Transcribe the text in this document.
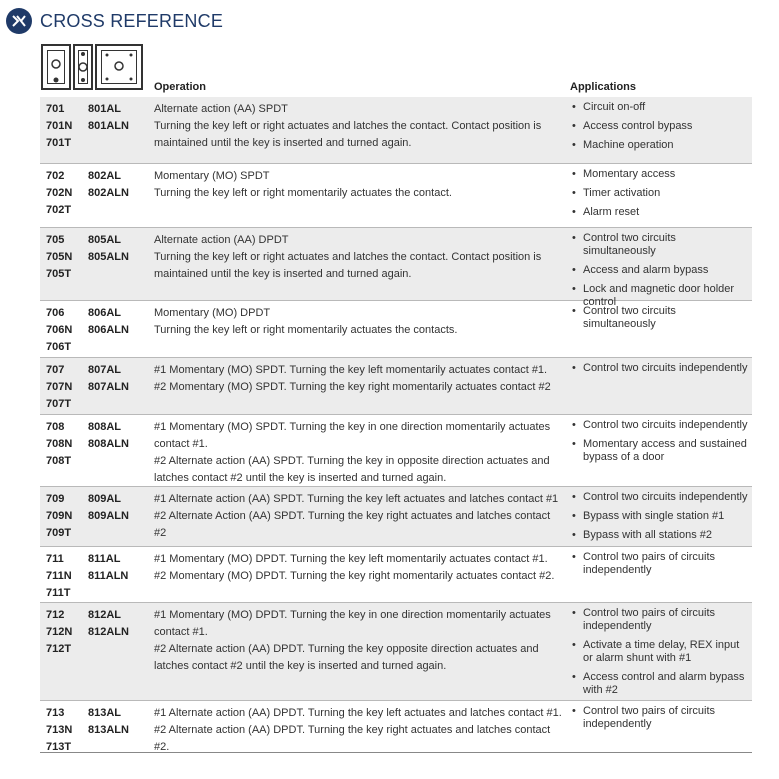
CROSS REFERENCE
Operation	Applications
701
701N
701T
801AL
801ALN
Alternate action (AA) SPDT
Turning the key left or right actuates and latches the contact. Contact position is maintained until the key is inserted and turned again.
• Circuit on-off
• Access control bypass
• Machine operation
702
702N
702T
802AL
802ALN
Momentary (MO) SPDT
Turning the key left or right momentarily actuates the contact.
• Momentary access
• Timer activation
• Alarm reset
705
705N
705T
805AL
805ALN
Alternate action (AA) DPDT
Turning the key left or right actuates and latches the contact. Contact position is maintained until the key is inserted and turned again.
• Control two circuits simultaneously
• Access and alarm bypass
• Lock and magnetic door holder control
706
706N
706T
806AL
806ALN
Momentary (MO) DPDT
Turning the key left or right momentarily actuates the contacts.
• Control two circuits simultaneously
707
707N
707T
807AL
807ALN
#1 Momentary (MO) SPDT. Turning the key left momentarily actuates contact #1.
#2 Momentary (MO) SPDT. Turning the key right momentarily actuates contact #2
• Control two circuits independently
708
708N
708T
808AL
808ALN
#1 Momentary (MO) SPDT. Turning the key in one direction momentarily actuates contact #1.
#2 Alternate action (AA) SPDT. Turning the key in opposite direction actuates and latches contact #2 until the key is inserted and turned again.
• Control two circuits independently
• Momentary access and sustained bypass of a door
709
709N
709T
809AL
809ALN
#1 Alternate action (AA) SPDT. Turning the key left actuates and latches contact #1
#2 Alternate Action (AA) SPDT. Turning the key right actuates and latches contact #2
• Control two circuits independently
• Bypass with single station #1
• Bypass with all stations #2
711
711N
711T
811AL
811ALN
#1 Momentary (MO) DPDT. Turning the key left momentarily actuates contact #1.
#2 Momentary (MO) DPDT. Turning the key right momentarily actuates contact #2.
• Control two pairs of circuits independently
712
712N
712T
812AL
812ALN
#1 Momentary (MO) DPDT. Turning the key in one direction momentarily actuates contact #1.
#2 Alternate action (AA) DPDT. Turning the key opposite direction actuates and latches contact #2 until the key is inserted and turned again.
• Control two pairs of circuits independently
• Activate a time delay, REX input or alarm shunt with #1
• Access control and alarm bypass with #2
713
713N
713T
813AL
813ALN
#1 Alternate action (AA) DPDT. Turning the key left actuates and latches contact #1.
#2 Alternate action (AA) DPDT. Turning the key right actuates and latches contact #2.
• Control two pairs of circuits independently
